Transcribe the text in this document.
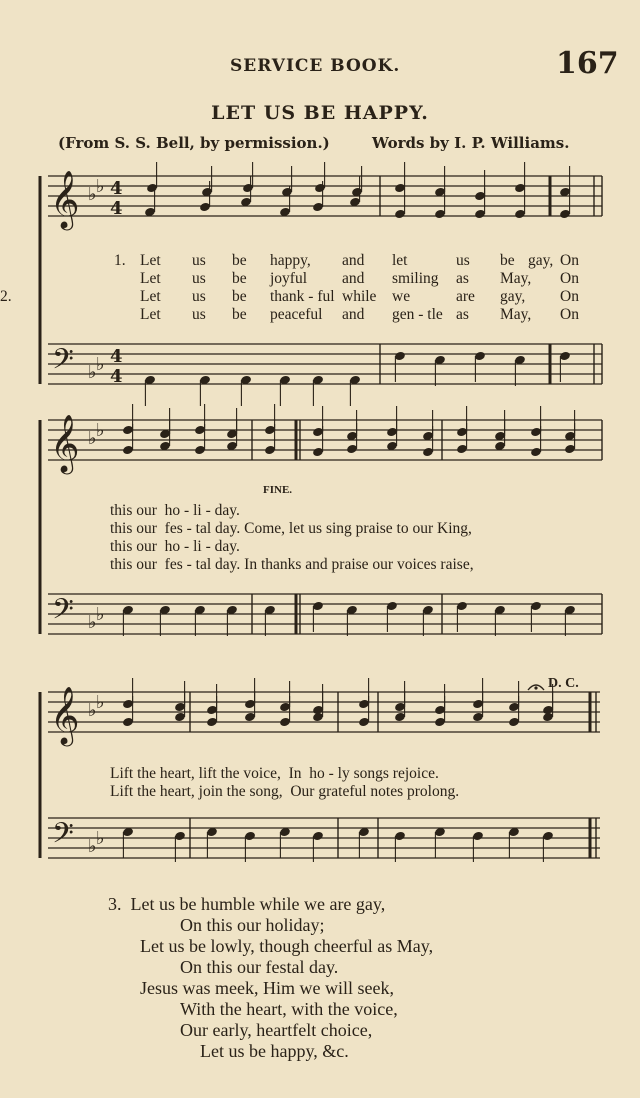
SERVICE BOOK.	167
LET US BE HAPPY.
(From S. S. Bell, by permission.)	Words by I. P. Williams.
𝄞
𝄢
♭ ♭
♭ ♭
4
4
4
4
𝄞
𝄢
♭ ♭
♭ ♭
𝄞
𝄢
♭ ♭
♭ ♭
1. Let us be happy, and let	us be gay, On
Let us be joyful and smiling as May, On
2.	Let us be thank - ful while we	are gay, On
Let us be peaceful and gen - tle as May, On
FINE.
this our  ho - li - day.
this our  fes - tal day. Come, let us sing praise to our King,
this our  ho - li - day.
this our  fes - tal day. In thanks and praise our voices raise,
D. C.
Lift the heart, lift the voice,  In  ho - ly songs rejoice.
Lift the heart, join the song,  Our grateful notes prolong.
3.  Let us be humble while we are gay,
On this our holiday;
Let us be lowly, though cheerful as May,
On this our festal day.
Jesus was meek, Him we will seek,
With the heart, with the voice,
Our early, heartfelt choice,
Let us be happy, &c.
